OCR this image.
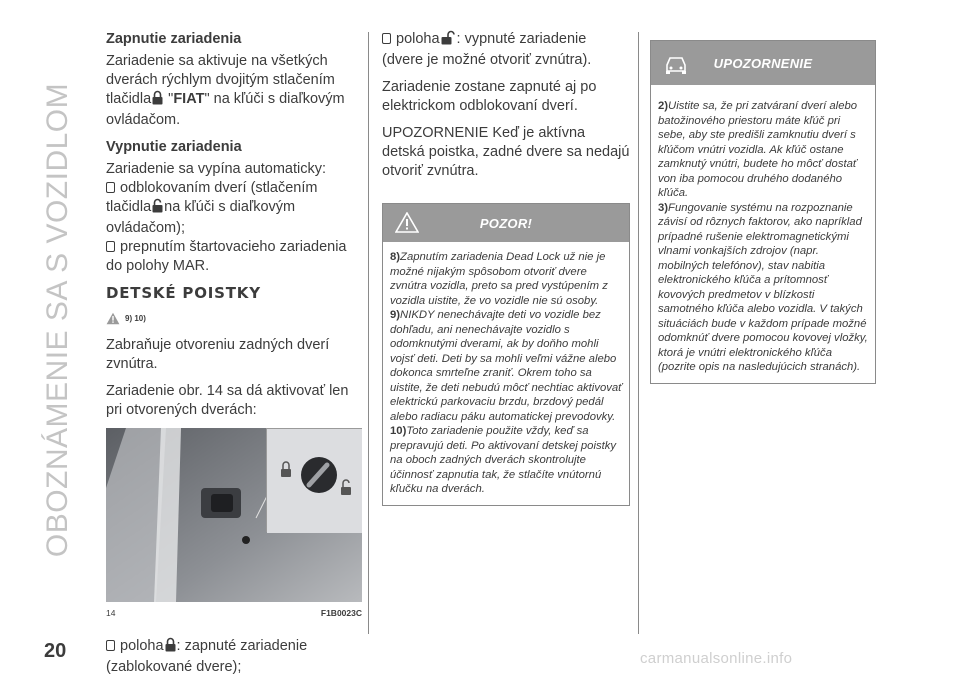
OBOZNÁMENIE SA S VOZIDLOM
20	carmanualsonline.info
Zapnutie zariadenia
Zariadenie sa aktivuje na všetkých dverách rýchlym dvojitým stlačením tlačidla "FIAT" na kľúči s diaľkovým ovládačom.
Vypnutie zariadenia
Zariadenie sa vypína automaticky:
odblokovaním dverí (stlačením tlačidla na kľúči s diaľkovým ovládačom);
prepnutím štartovacieho zariadenia do polohy MAR.
DETSKÉ POISTKY
9) 10)
Zabraňuje otvoreniu zadných dverí zvnútra.
Zariadenie obr. 14 sa dá aktivovať len pri otvorených dverách:
14	F1B0023C
poloha : zapnuté zariadenie (zablokované dvere);
poloha : vypnuté zariadenie (dvere je možné otvoriť zvnútra).
Zariadenie zostane zapnuté aj po elektrickom odblokovaní dverí.
UPOZORNENIE Keď je aktívna detská poistka, zadné dvere sa nedajú otvoriť zvnútra.
POZOR!
8)Zapnutím zariadenia Dead Lock už nie je možné nijakým spôsobom otvoriť dvere zvnútra vozidla, preto sa pred vystúpením z vozidla uistite, že vo vozidle nie sú osoby.
9)NIKDY nenechávajte deti vo vozidle bez dohľadu, ani nenechávajte vozidlo s odomknutými dverami, ak by doňho mohli vojsť deti. Deti by sa mohli veľmi vážne alebo dokonca smrteľne zraniť. Okrem toho sa uistite, že deti nebudú môcť nechtiac aktivovať elektrickú parkovaciu brzdu, brzdový pedál alebo radiacu páku automatickej prevodovky.
10)Toto zariadenie použite vždy, keď sa prepravujú deti. Po aktivovaní detskej poistky na oboch zadných dverách skontrolujte účinnosť zapnutia tak, že stlačíte vnútornú kľučku na dverách.
UPOZORNENIE
2)Uistite sa, že pri zatváraní dverí alebo batožinového priestoru máte kľúč pri sebe, aby ste predišli zamknutiu dverí s kľúčom vnútri vozidla. Ak kľúč ostane zamknutý vnútri, budete ho môcť dostať von iba pomocou druhého dodaného kľúča.
3)Fungovanie systému na rozpoznanie závisí od rôznych faktorov, ako napríklad prípadné rušenie elektromagnetickými vlnami vonkajších zdrojov (napr. mobilných telefónov), stav nabitia elektronického kľúča a prítomnosť kovových predmetov v blízkosti samotného kľúča alebo vozidla. V takých situáciách bude v každom prípade možné odomknúť dvere pomocou kovovej vložky, ktorá je vnútri elektronického kľúča (pozrite opis na nasledujúcich stranách).
